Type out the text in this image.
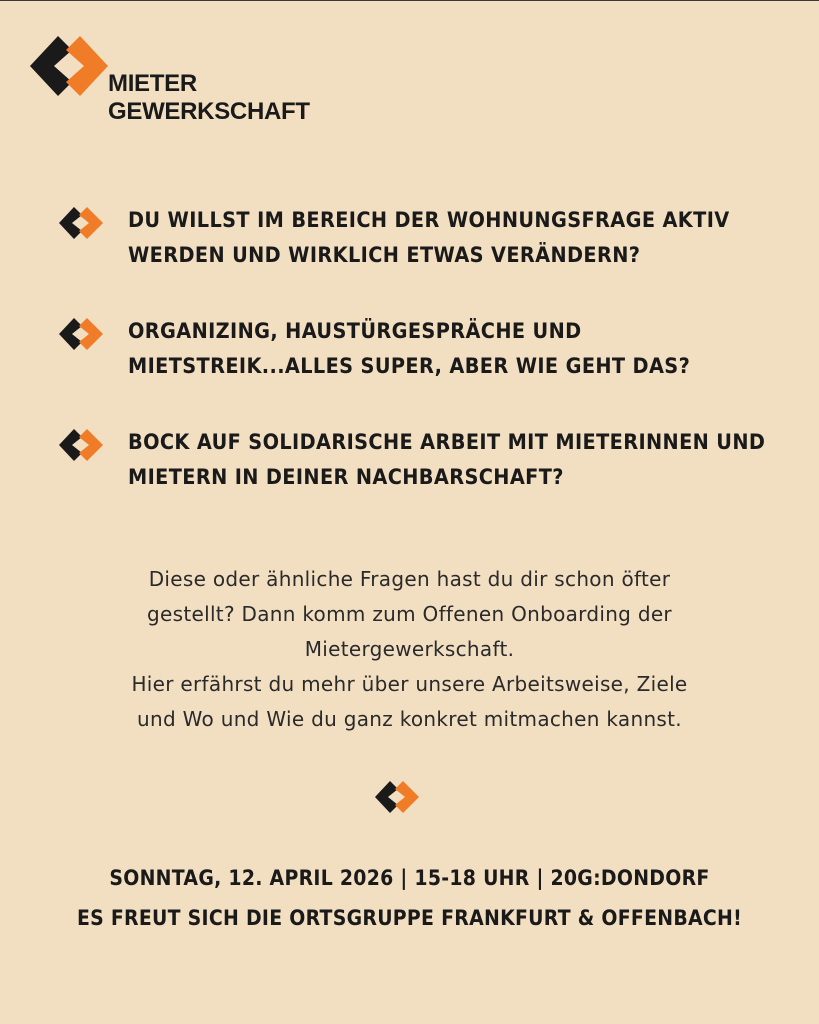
MIETER
GEWERKSCHAFT
DU WILLST IM BEREICH DER WOHNUNGSFRAGE AKTIV
WERDEN UND WIRKLICH ETWAS VERÄNDERN?
ORGANIZING, HAUSTÜRGESPRÄCHE UND
MIETSTREIK...ALLES SUPER, ABER WIE GEHT DAS?
BOCK AUF SOLIDARISCHE ARBEIT MIT MIETERINNEN UND
MIETERN IN DEINER NACHBARSCHAFT?
Diese oder ähnliche Fragen hast du dir schon öfter
gestellt? Dann komm zum Offenen Onboarding der
Mietergewerkschaft.
Hier erfährst du mehr über unsere Arbeitsweise, Ziele
und Wo und Wie du ganz konkret mitmachen kannst.
SONNTAG, 12. APRIL 2026 | 15-18 UHR | 20G:DONDORF
ES FREUT SICH DIE ORTSGRUPPE FRANKFURT & OFFENBACH!
